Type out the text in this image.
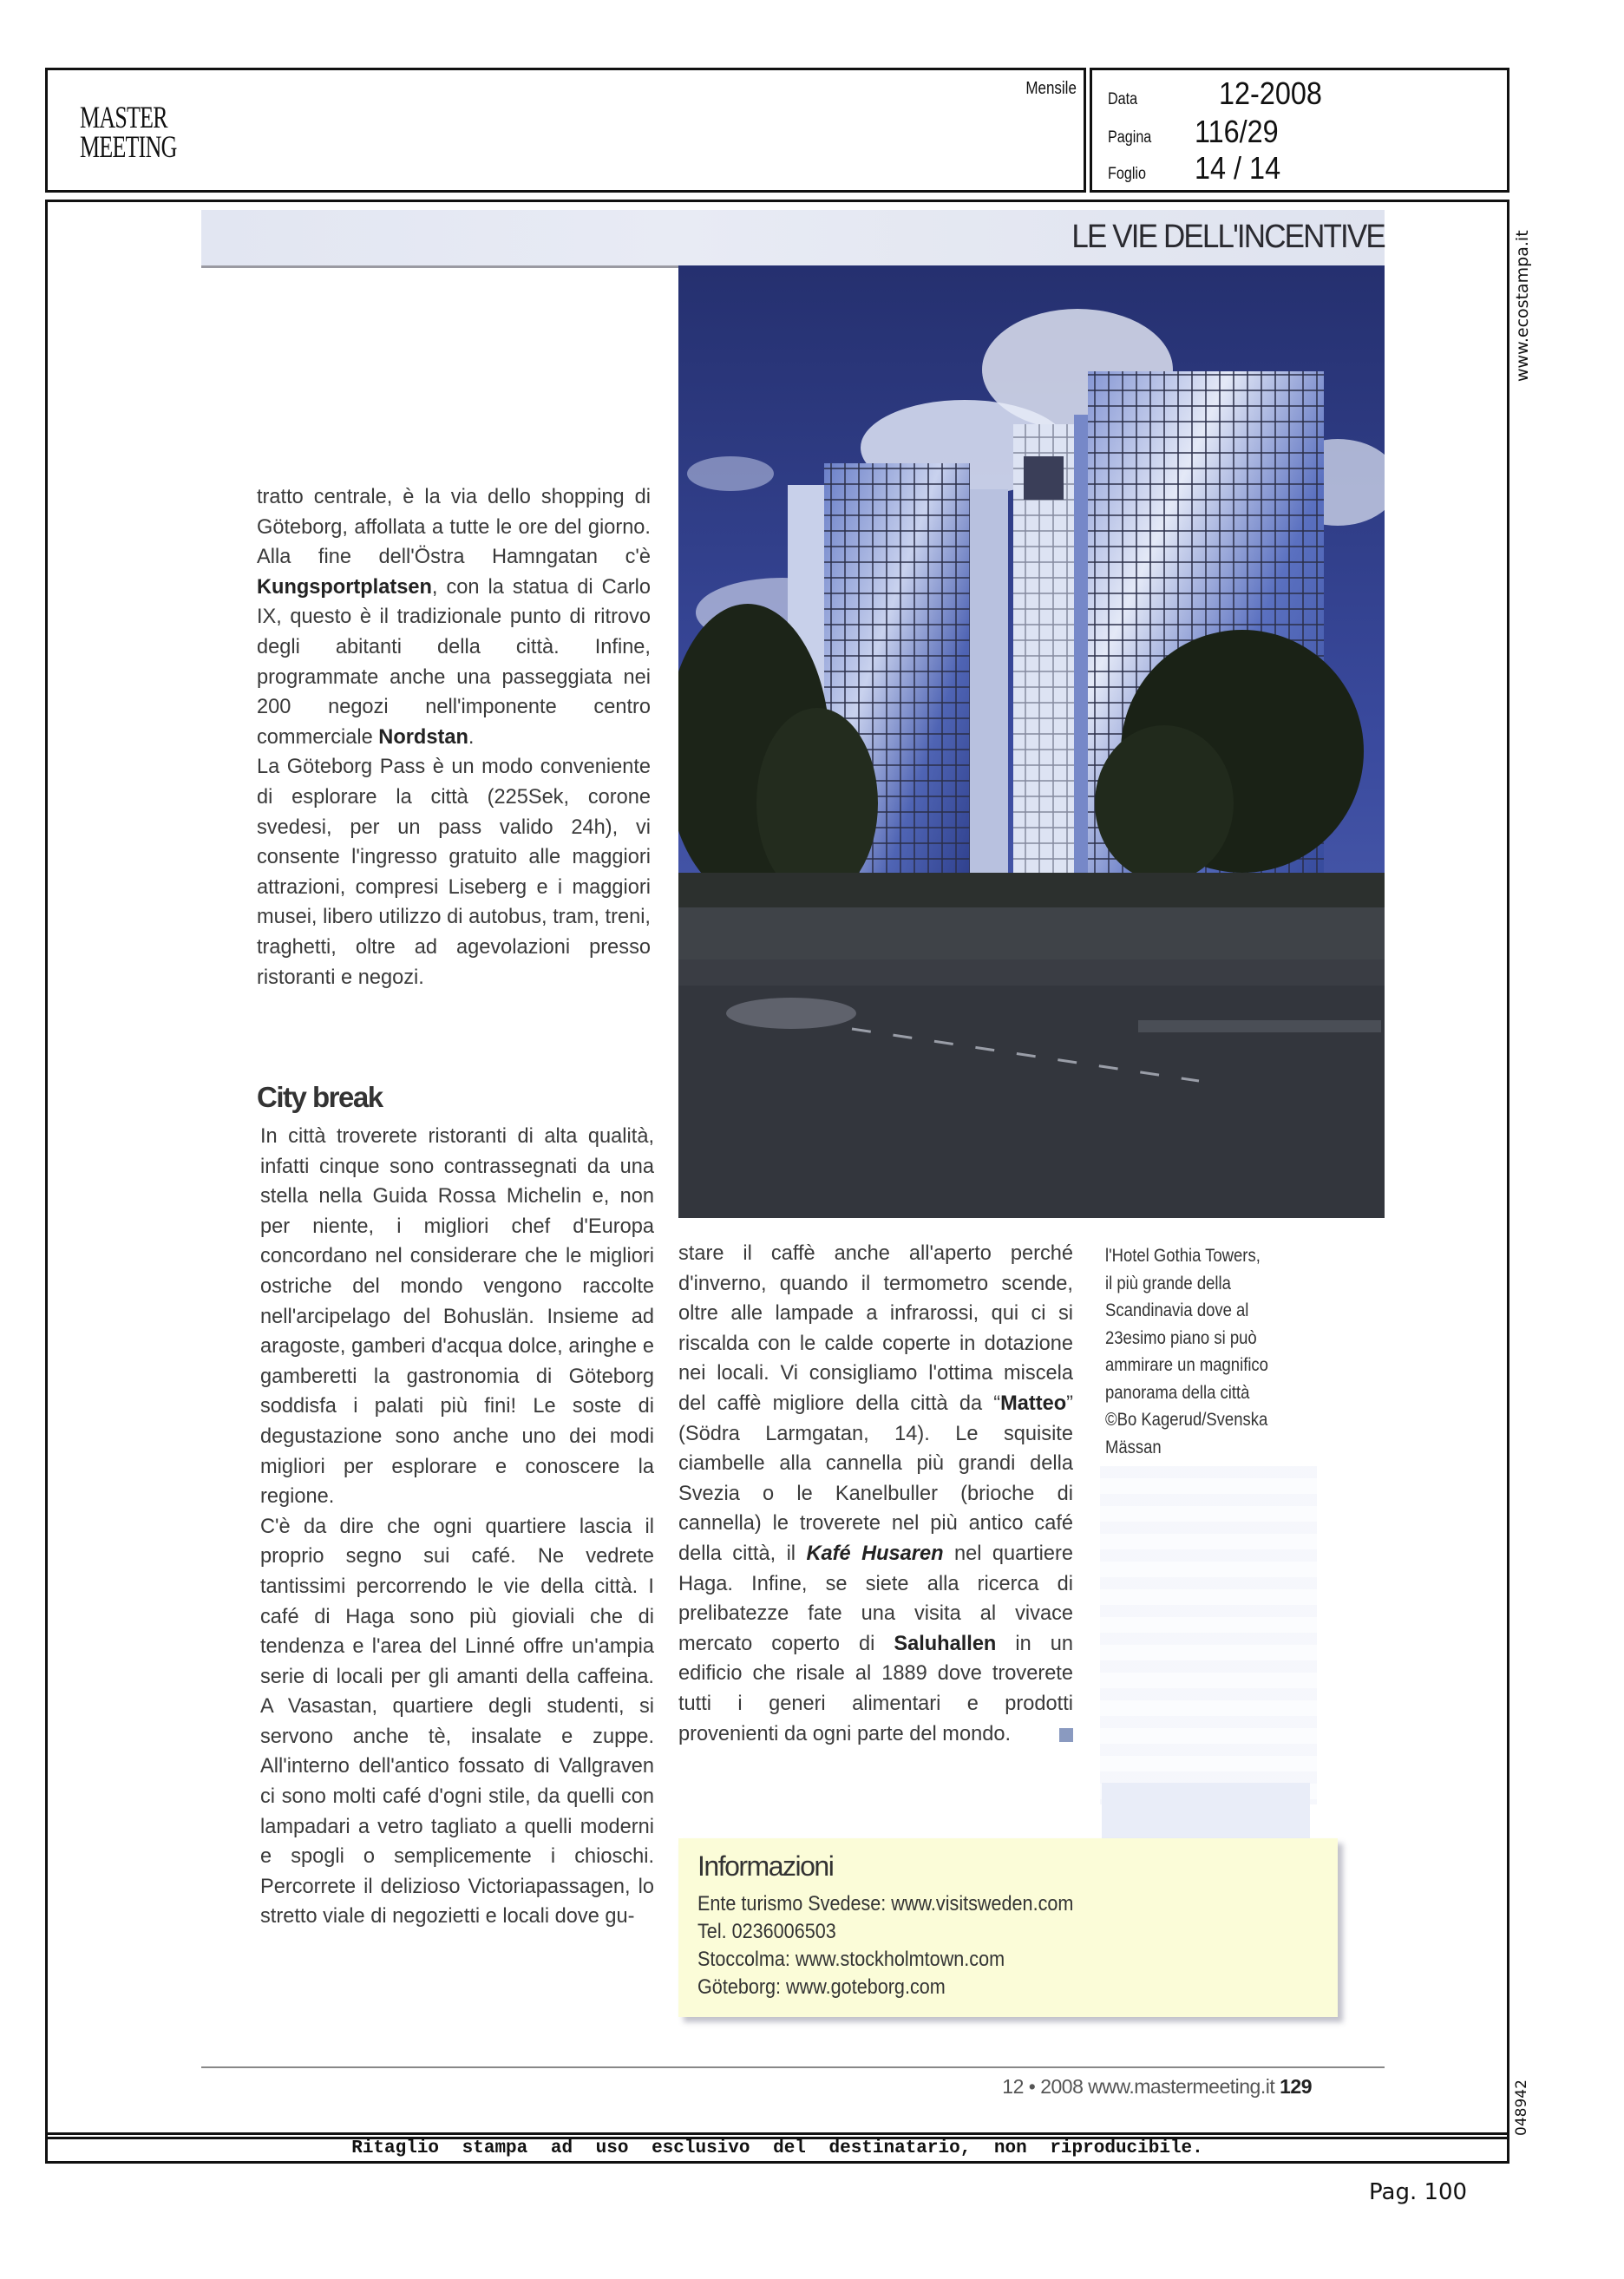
Mensile
MASTER
MEETING
Data	12-2008
Pagina	116/29
Foglio	14 / 14
LE VIE DELL'INCENTIVE

tratto centrale, è la via dello shopping di Göteborg, affollata a tutte le ore del giorno. Alla fine dell'Östra Hamngatan c'è Kungsportplatsen, con la statua di Carlo IX, questo è il tradizionale punto di ritrovo degli abitanti della città. Infine, programmate anche una passeggiata nei 200 negozi nell'imponente centro commerciale Nordstan.

La Göteborg Pass è un modo conveniente di esplorare la città (225Sek, corone svedesi, per un pass valido 24h), vi consente l'ingresso gratuito alle maggiori attrazioni, compresi Liseberg e i maggiori musei, libero utilizzo di autobus, tram, treni, traghetti, oltre ad agevolazioni presso ristoranti e negozi.

City break

In città troverete ristoranti di alta qualità, infatti cinque sono contrassegnati da una stella nella Guida Rossa Michelin e, non per niente, i migliori chef d'Europa concordano nel considerare che le migliori ostriche del mondo vengono raccolte nell'arcipelago del Bohuslän. Insieme ad aragoste, gamberi d'acqua dolce, aringhe e gamberetti la gastronomia di Göteborg soddisfa i palati più fini! Le soste di degustazione sono anche uno dei modi migliori per esplorare e conoscere la regione.

C'è da dire che ogni quartiere lascia il proprio segno sui café. Ne vedrete tantissimi percorrendo le vie della città. I café di Haga sono più gioviali che di tendenza e l'area del Linné offre un'ampia serie di locali per gli amanti della caffeina. A Vasastan, quartiere degli studenti, si servono anche tè, insalate e zuppe. All'interno dell'antico fossato di Vallgraven ci sono molti café d'ogni stile, da quelli con lampadari a vetro tagliato a quelli moderni e spogli o semplicemente i chioschi. Percorrete il delizioso Victoriapassagen, lo stretto viale di negozietti e locali dove gu-

stare il caffè anche all'aperto perché d'inverno, quando il termometro scende, oltre alle lampade a infrarossi, qui ci si riscalda con le calde coperte in dotazione nei locali. Vi consigliamo l'ottima miscela del caffè migliore della città da “Matteo” (Södra Larmgatan, 14). Le squisite ciambelle alla cannella più grandi della Svezia o le Kanelbuller (brioche di cannella) le troverete nel più antico café della città, il Kafé Husaren nel quartiere Haga. Infine, se siete alla ricerca di prelibatezze fate una visita al vivace mercato coperto di Saluhallen in un edificio che risale al 1889 dove troverete tutti i generi alimentari e prodotti provenienti da ogni parte del mondo.

l'Hotel Gothia Towers,
il più grande della
Scandinavia dove al
23esimo piano si può
ammirare un magnifico
panorama della città
©Bo Kagerud/Svenska
Mässan
Informazioni
Ente turismo Svedese: www.visitsweden.com
Tel. 0236006503
Stoccolma: www.stockholmtown.com
Göteborg: www.goteborg.com
12 • 2008 www.mastermeeting.it 129
Ritaglio stampa ad uso esclusivo del destinatario, non riproducibile.
www.ecostampa.it
048942
Pag. 100
